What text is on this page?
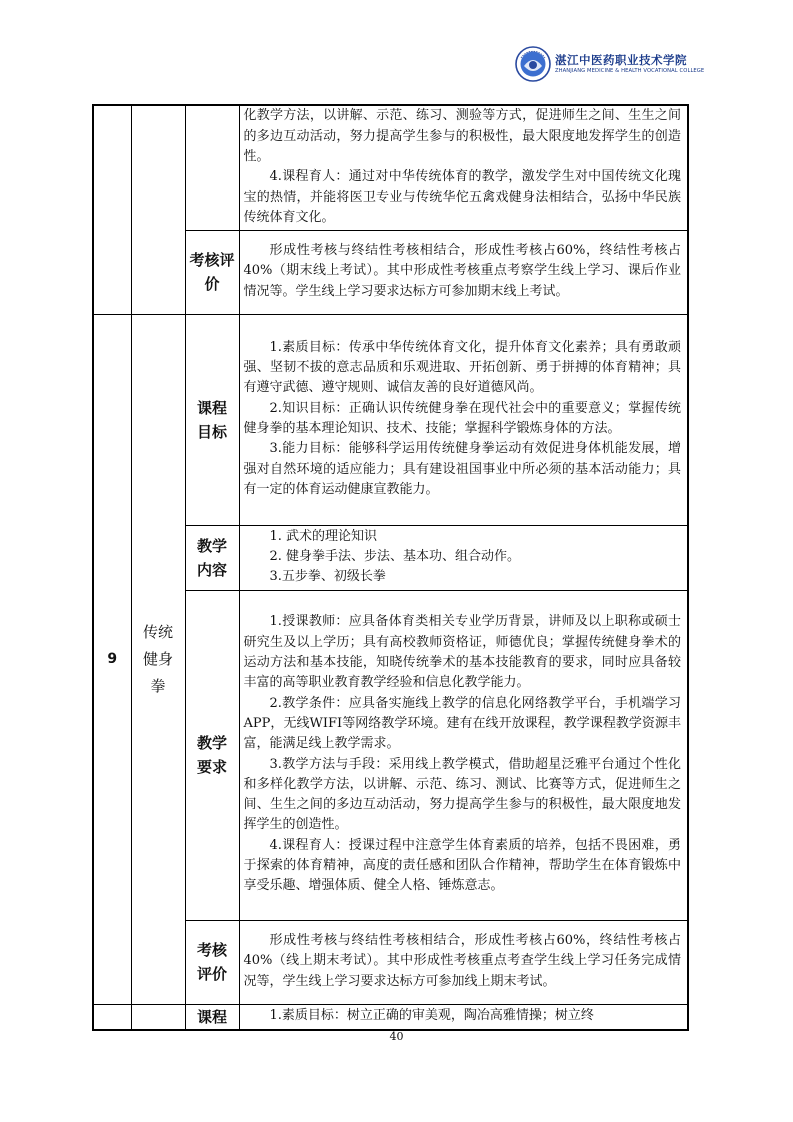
湛江中医药职业技术学院
ZHANJIANG MEDICINE & HEALTH VOCATIONAL COLLEGE

			化教学方法，以讲解、示范、练习、测验等方式，促进师生之间、生生之间的多边互动活动，努力提高学生参与的积极性，最大限度地发挥学生的创造性。

4.课程育人：通过对中华传统体育的教学，激发学生对中国传统文化瑰宝的热情，并能将医卫专业与传统华佗五禽戏健身法相结合，弘扬中华民族传统体育文化。

		考核评价	形成性考核与终结性考核相结合，形成性考核占60%，终结性考核占40%（期末线上考试）。其中形成性考核重点考察学生线上学习、课后作业情况等。学生线上学习要求达标方可参加期末线上考试。

9	传统健身拳	课程目标	1.素质目标：传承中华传统体育文化，提升体育文化素养；具有勇敢顽强、坚韧不拔的意志品质和乐观进取、开拓创新、勇于拼搏的体育精神；具有遵守武德、遵守规则、诚信友善的良好道德风尚。

2.知识目标：正确认识传统健身拳在现代社会中的重要意义；掌握传统健身拳的基本理论知识、技术、技能；掌握科学锻炼身体的方法。

3.能力目标：能够科学运用传统健身拳运动有效促进身体机能发展，增强对自然环境的适应能力；具有建设祖国事业中所必须的基本活动能力；具有一定的体育运动健康宣教能力。

		教学内容	1. 武术的理论知识

2. 健身拳手法、步法、基本功、组合动作。

3.五步拳、初级长拳

		教学要求	1.授课教师：应具备体育类相关专业学历背景，讲师及以上职称或硕士研究生及以上学历；具有高校教师资格证，师德优良；掌握传统健身拳术的运动方法和基本技能，知晓传统拳术的基本技能教育的要求，同时应具备较丰富的高等职业教育教学经验和信息化教学能力。

2.教学条件：应具备实施线上教学的信息化网络教学平台，手机端学习APP，无线WIFI等网络教学环境。建有在线开放课程，教学课程教学资源丰富，能满足线上教学需求。

3.教学方法与手段：采用线上教学模式，借助超星泛雅平台通过个性化和多样化教学方法，以讲解、示范、练习、测试、比赛等方式，促进师生之间、生生之间的多边互动活动，努力提高学生参与的积极性，最大限度地发挥学生的创造性。

4.课程育人：授课过程中注意学生体育素质的培养，包括不畏困难，勇于探索的体育精神，高度的责任感和团队合作精神，帮助学生在体育锻炼中享受乐趣、增强体质、健全人格、锤炼意志。

		考核评价	形成性考核与终结性考核相结合，形成性考核占60%，终结性考核占40%（线上期末考试）。其中形成性考核重点考查学生线上学习任务完成情况等，学生线上学习要求达标方可参加线上期末考试。

		课程	1.素质目标：树立正确的审美观，陶冶高雅情操；树立终

40
